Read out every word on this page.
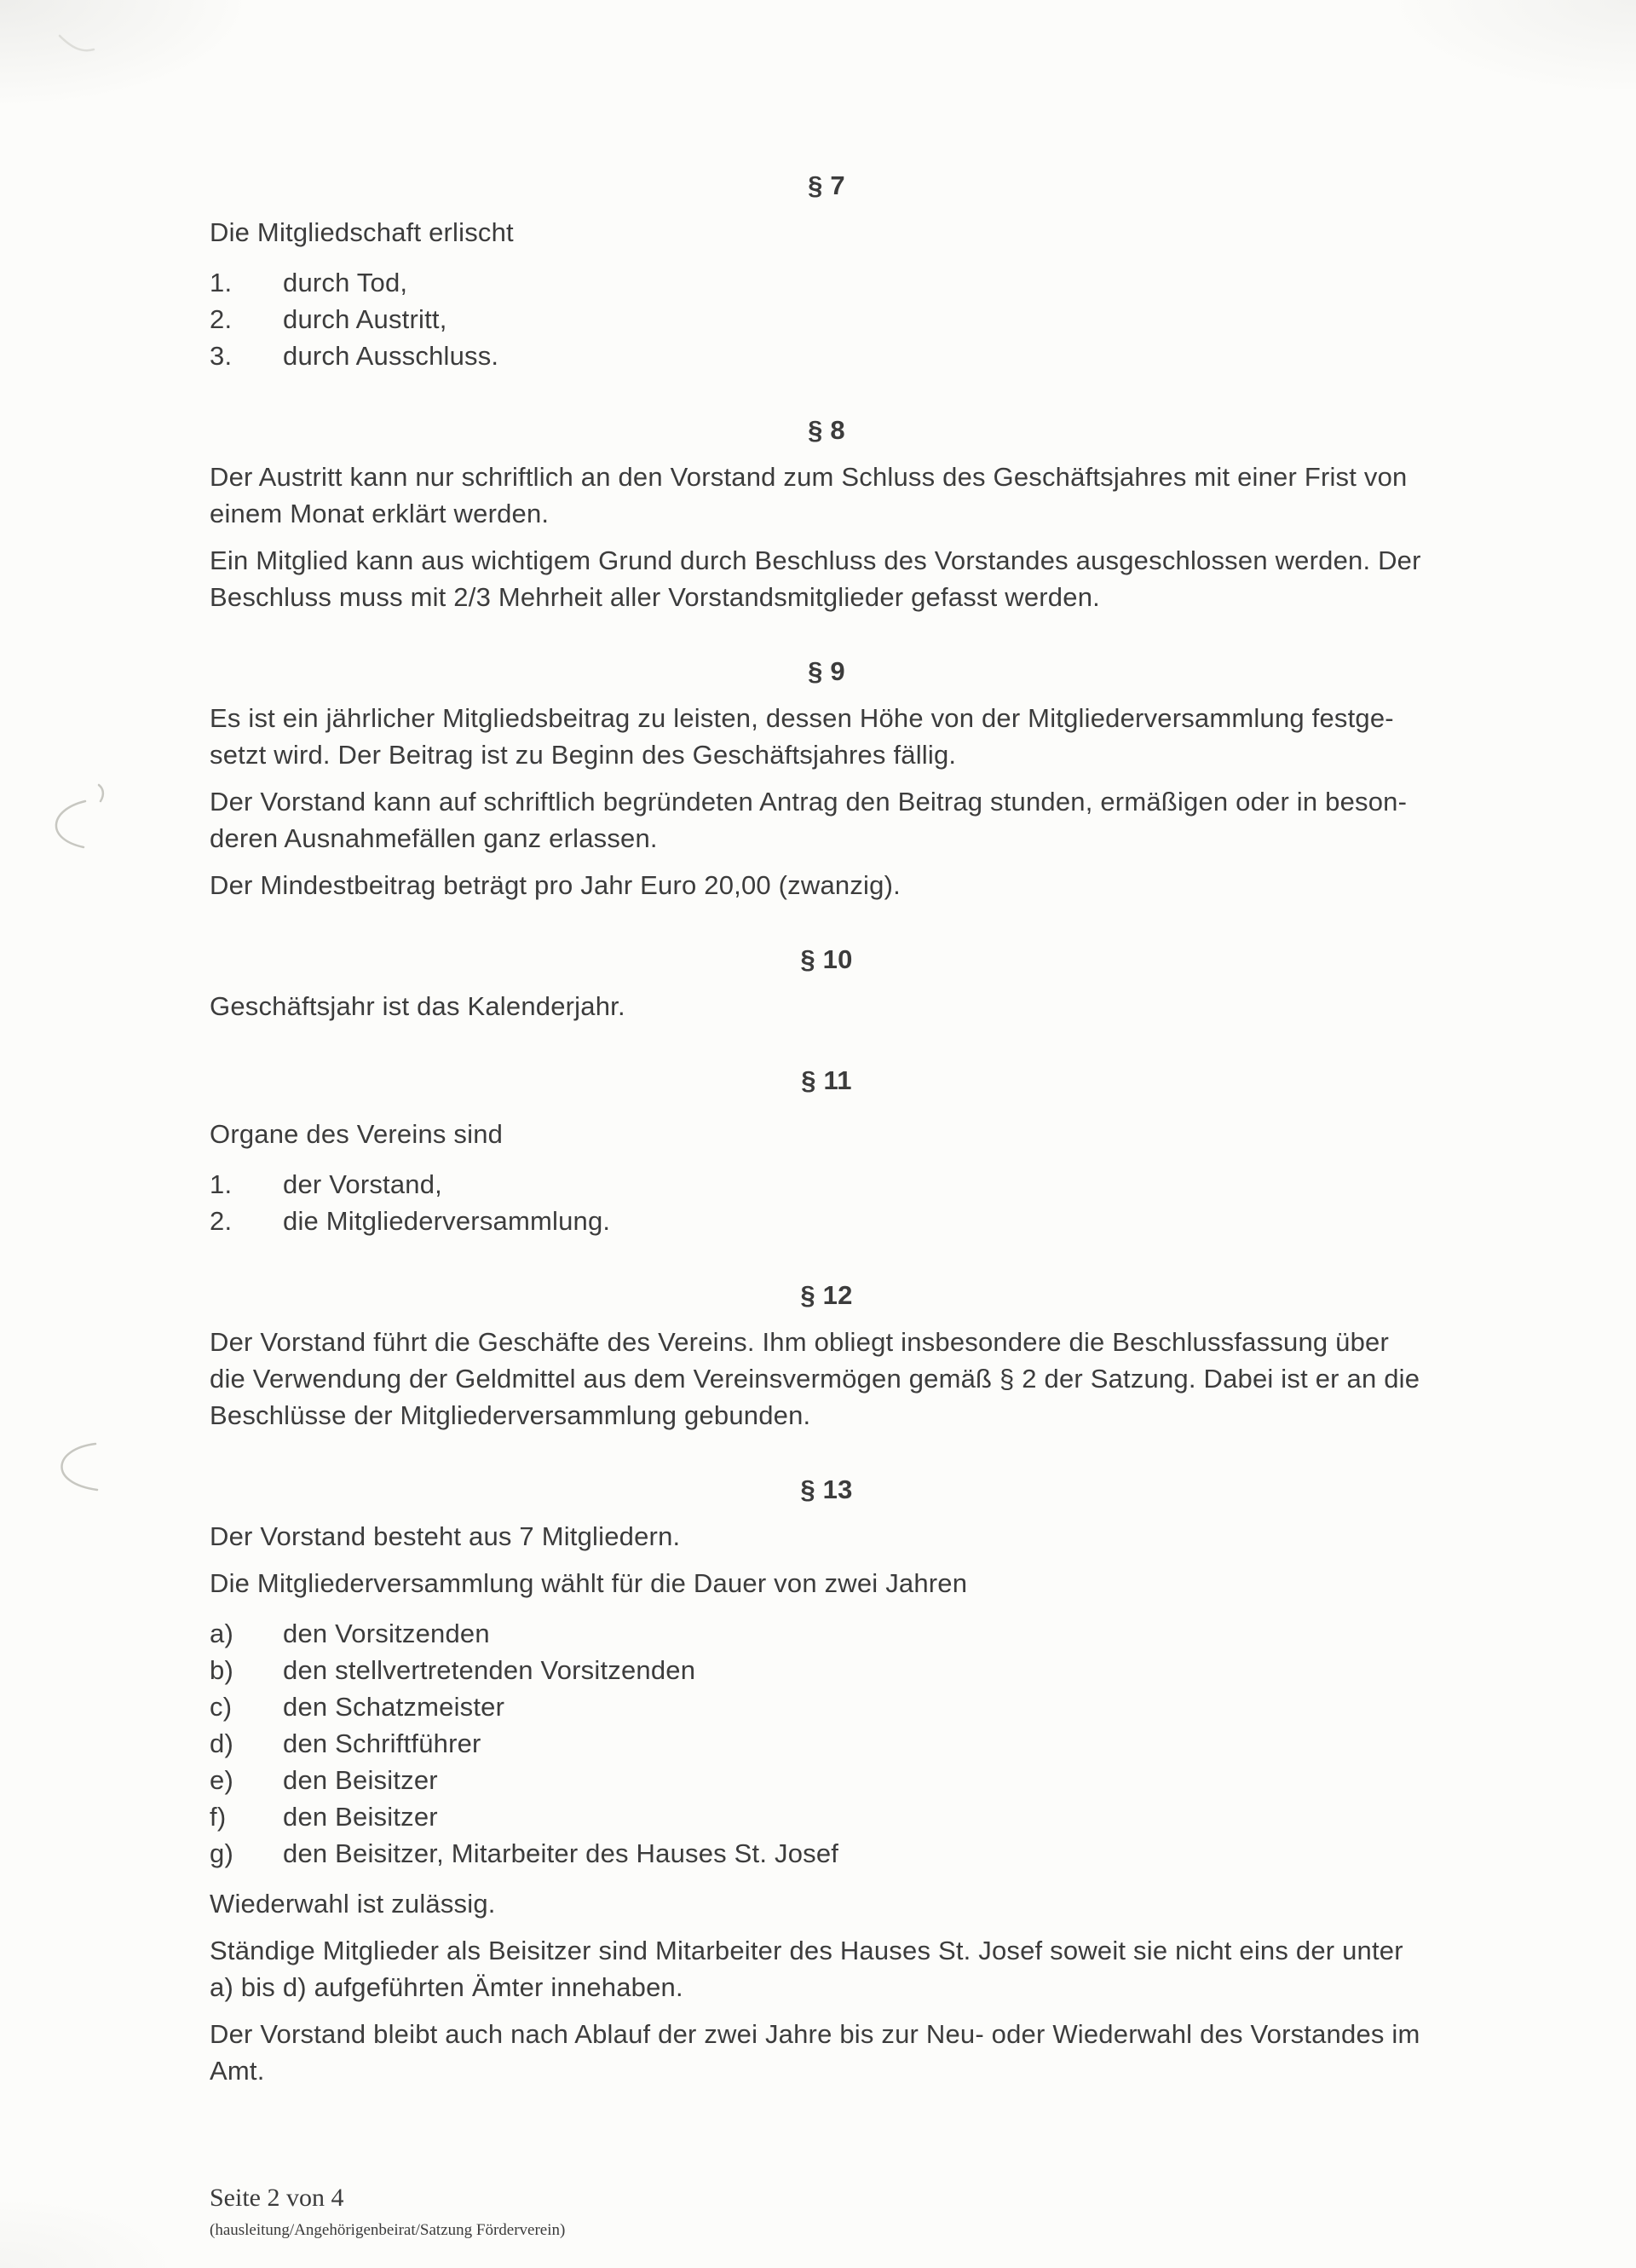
§ 7

Die Mitgliedschaft erlischt

1.	durch Tod,
2.	durch Austritt,
3.	durch Ausschluss.
§ 8

Der Austritt kann nur schriftlich an den Vorstand zum Schluss des Geschäftsjahres mit einer Frist von
einem Monat erklärt werden.

Ein Mitglied kann aus wichtigem Grund durch Beschluss des Vorstandes ausgeschlossen werden. Der
Beschluss muss mit 2/3 Mehrheit aller Vorstandsmitglieder gefasst werden.

§ 9

Es ist ein jährlicher Mitgliedsbeitrag zu leisten, dessen Höhe von der Mitgliederversammlung festge-
setzt wird. Der Beitrag ist zu Beginn des Geschäftsjahres fällig.

Der Vorstand kann auf schriftlich begründeten Antrag den Beitrag stunden, ermäßigen oder in beson-
deren Ausnahmefällen ganz erlassen.

Der Mindestbeitrag beträgt pro Jahr Euro 20,00 (zwanzig).

§ 10

Geschäftsjahr ist das Kalenderjahr.

§ 11

Organe des Vereins sind

1.	der Vorstand,
2.	die Mitgliederversammlung.
§ 12

Der Vorstand führt die Geschäfte des Vereins. Ihm obliegt insbesondere die Beschlussfassung über
die Verwendung der Geldmittel aus dem Vereinsvermögen gemäß § 2 der Satzung. Dabei ist er an die
Beschlüsse der Mitgliederversammlung gebunden.

§ 13

Der Vorstand besteht aus 7 Mitgliedern.

Die Mitgliederversammlung wählt für die Dauer von zwei Jahren

a)	den Vorsitzenden
b)	den stellvertretenden Vorsitzenden
c)	den Schatzmeister
d)	den Schriftführer
e)	den Beisitzer
f)	den Beisitzer
g)	den Beisitzer, Mitarbeiter des Hauses St. Josef

Wiederwahl ist zulässig.

Ständige Mitglieder als Beisitzer sind Mitarbeiter des Hauses St. Josef soweit sie nicht eins der unter
a) bis d) aufgeführten Ämter innehaben.

Der Vorstand bleibt auch nach Ablauf der zwei Jahre bis zur Neu- oder Wiederwahl des Vorstandes im
Amt.

Seite 2 von 4
(hausleitung/Angehörigenbeirat/Satzung Förderverein)
